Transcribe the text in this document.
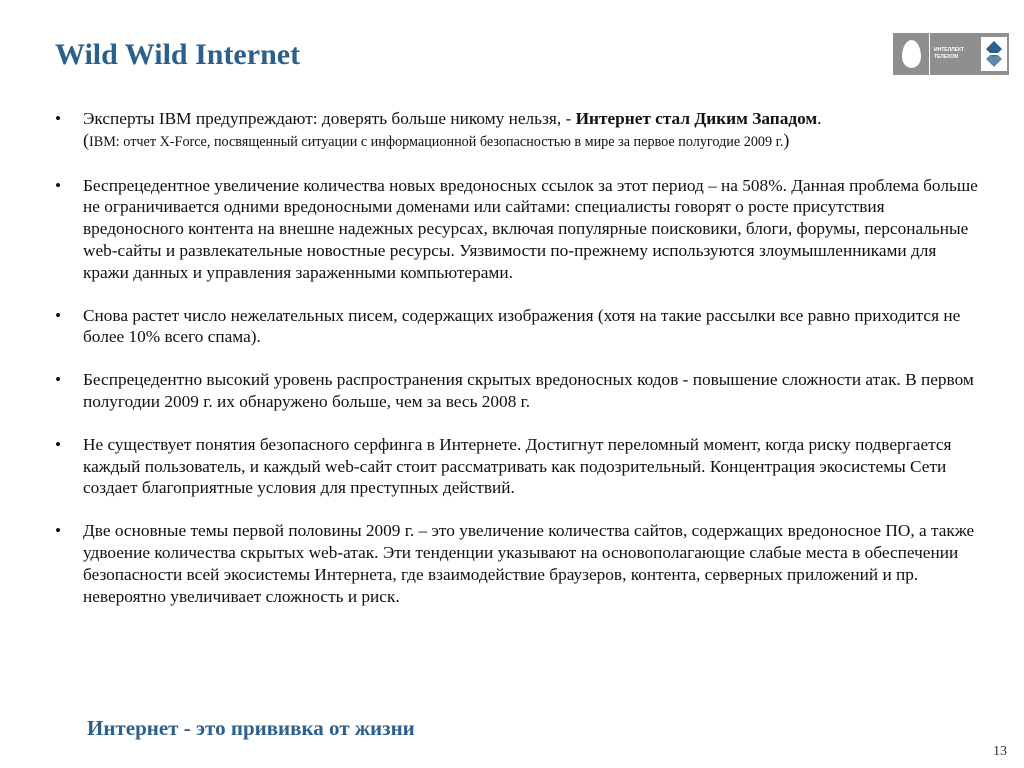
Wild Wild Internet	ИНТЕЛЛЕКТ
ТЕЛЕКОМ
• Эксперты IBM предупреждают: доверять больше никому нельзя, - Интернет стал Диким Западом.
(IBM: отчет X-Force, посвященный ситуации с информационной безопасностью в мире за первое полугодие 2009 г.)
• Беспрецедентное увеличение количества новых вредоносных ссылок за этот период – на 508%. Данная проблема больше не ограничивается одними вредоносными доменами или сайтами: специалисты говорят о росте присутствия вредоносного контента на внешне надежных ресурсах, включая популярные поисковики, блоги, форумы, персональные web-сайты и развлекательные новостные ресурсы. Уязвимости по-прежнему используются злоумышленниками для кражи данных и управления зараженными компьютерами.
• Снова растет число нежелательных писем, содержащих изображения (хотя на такие рассылки все равно приходится не более 10% всего спама).
• Беспрецедентно высокий уровень распространения скрытых вредоносных кодов - повышение сложности атак. В первом полугодии 2009 г. их обнаружено больше, чем за весь 2008 г.
• Не существует понятия безопасного серфинга в Интернете. Достигнут переломный момент, когда риску подвергается каждый пользователь, и каждый web-сайт стоит рассматривать как подозрительный. Концентрация экосистемы Сети создает благоприятные условия для преступных действий.
• Две основные темы первой половины 2009 г. – это увеличение количества сайтов, содержащих вредоносное ПО, а также удвоение количества скрытых web-атак. Эти тенденции указывают на основополагающие слабые места в обеспечении безопасности всей экосистемы Интернета, где взаимодействие браузеров, контента, серверных приложений и пр. невероятно увеличивает сложность и риск.
Интернет - это прививка от жизни
13
